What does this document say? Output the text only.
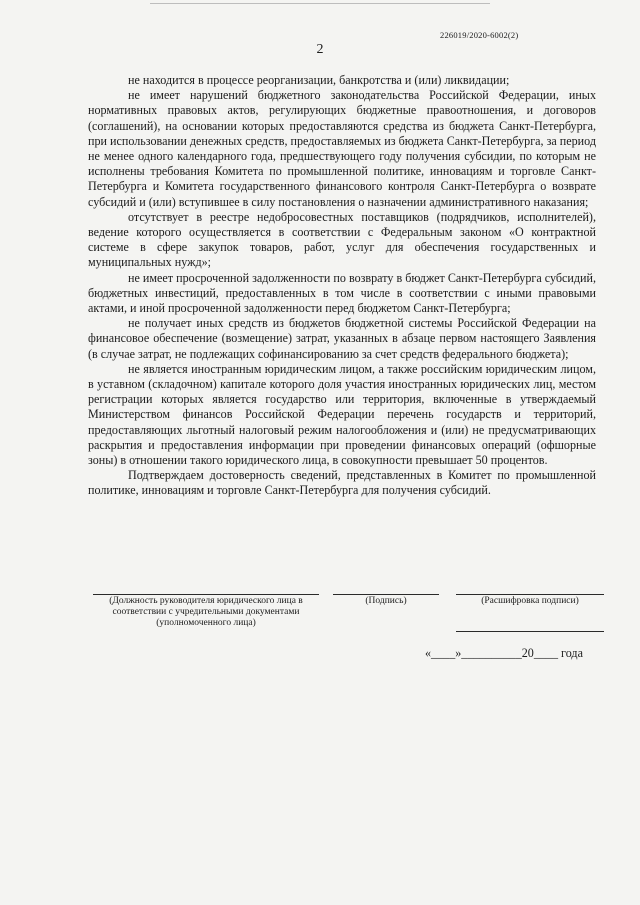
226019/2020-6002(2)
2

не находится в процессе реорганизации, банкротства и (или) ликвидации;

не имеет нарушений бюджетного законодательства Российской Федерации, иных нормативных правовых актов, регулирующих бюджетные правоотношения, и договоров (соглашений), на основании которых предоставляются средства из бюджета Санкт-Петербурга, при использовании денежных средств, предоставляемых из бюджета Санкт-Петербурга, за период не менее одного календарного года, предшествующего году получения субсидии, по которым не исполнены требования Комитета по промышленной политике, инновациям и торговле Санкт-Петербурга и Комитета государственного финансового контроля Санкт-Петербурга о возврате субсидий и (или) вступившее в силу постановления о назначении административного наказания;

отсутствует в реестре недобросовестных поставщиков (подрядчиков, исполнителей), ведение которого осуществляется в соответствии с Федеральным законом «О контрактной системе в сфере закупок товаров, работ, услуг для обеспечения государственных и муниципальных нужд»;

не имеет просроченной задолженности по возврату в бюджет Санкт-Петербурга субсидий, бюджетных инвестиций, предоставленных в том числе в соответствии с иными правовыми актами, и иной просроченной задолженности перед бюджетом Санкт-Петербурга;

не получает иных средств из бюджетов бюджетной системы Российской Федерации на финансовое обеспечение (возмещение) затрат, указанных в абзаце первом настоящего Заявления (в случае затрат, не подлежащих софинансированию за счет средств федерального бюджета);

не является иностранным юридическим лицом, а также российским юридическим лицом, в уставном (складочном) капитале которого доля участия иностранных юридических лиц, местом регистрации которых является государство или территория, включенные в утверждаемый Министерством финансов Российской Федерации перечень государств и территорий, предоставляющих льготный налоговый режим налогообложения и (или) не предусматривающих раскрытия и предоставления информации при проведении финансовых операций (офшорные зоны) в отношении такого юридического лица, в совокупности превышает 50 процентов.

Подтверждаем достоверность сведений, представленных в Комитет по промышленной политике, инновациям и торговле Санкт-Петербурга для получения субсидий.

(Должность руководителя юридического лица в соответствии с учредительными документами (уполномоченного лица)
(Подпись)	(Расшифровка подписи)
«____»__________20____ года
